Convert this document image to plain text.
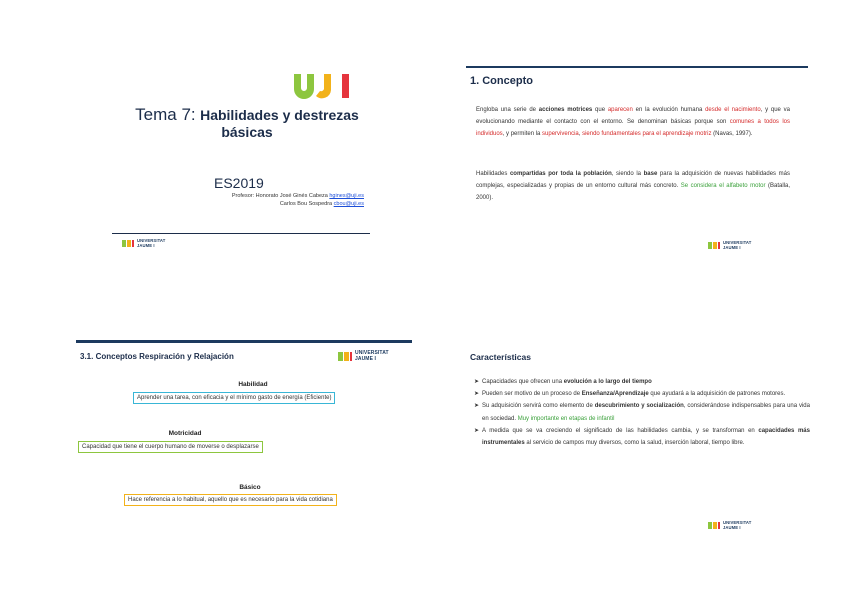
Tema 7: Habilidades y destrezas
básicas
ES2019
Profesor: Honorato José Ginés Cabeza hgines@uji.es
Carlos Bou Sospedra cbou@uji.es
UNIVERSITAT
JAUME I
1. Concepto
Engloba una serie de acciones motrices que aparecen en la evolución humana desde el nacimiento, y que va evolucionando mediante el contacto con el entorno. Se denominan básicas porque son comunes a todos los individuos, y permiten la supervivencia, siendo fundamentales para el aprendizaje motriz (Navas, 1997).
Habilidades compartidas por toda la población, siendo la base para la adquisición de nuevas habilidades más complejas, especializadas y propias de un entorno cultural más concreto. Se considera el alfabeto motor (Batalla, 2000).
UNIVERSITAT
JAUME I
3.1. Conceptos Respiración y Relajación	UNIVERSITAT
JAUME I
Habilidad
Aprender una tarea, con eficacia y el mínimo gasto de energía (Eficiente)
Motricidad
Capacidad que tiene el cuerpo humano de moverse o desplazarse
Básico
Hace referencia a lo habitual, aquello que es necesario para la vida cotidiana
Características
➤ Capacidades que ofrecen una evolución a lo largo del tiempo
➤ Pueden ser motivo de un proceso de Enseñanza/Aprendizaje que ayudará a la adquisición de patrones motores.
➤ Su adquisición servirá como elemento de descubrimiento y socialización, considerándose indispensables para una vida en sociedad. Muy importante en etapas de infantil
➤ A medida que se va creciendo el significado de las habilidades cambia, y se transforman en capacidades más instrumentales al servicio de campos muy diversos, como la salud, inserción laboral, tiempo libre.
UNIVERSITAT
JAUME I
